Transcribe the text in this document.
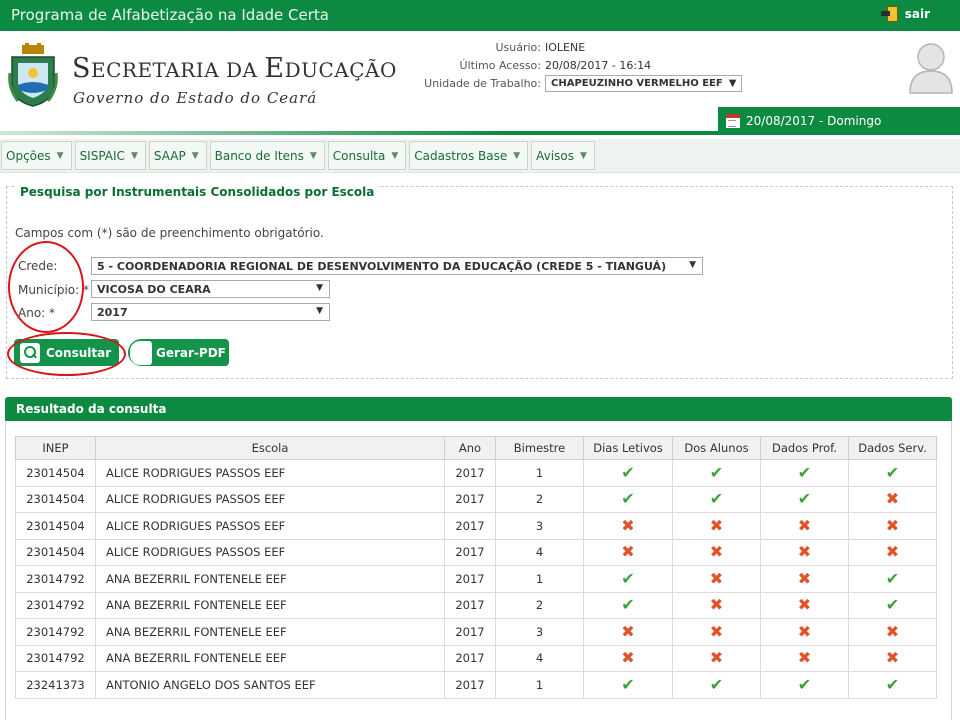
Programa de Alfabetização na Idade Certa	sair
SECRETARIA DA EDUCAÇÃO
Governo do Estado do Ceará
Usuário: IOLENE
Último Acesso: 20/08/2017 - 16:14
Unidade de Trabalho:	CHAPEUZINHO VERMELHO EEF ▼
20/08/2017 - Domingo
Opções ▼ SISPAIC ▼ SAAP ▼ Banco de Itens ▼ Consulta ▼ Cadastros Base ▼ Avisos ▼
Pesquisa por Instrumentais Consolidados por Escola
Campos com (*) são de preenchimento obrigatório.
Crede:	5 - COORDENADORIA REGIONAL DE DESENVOLVIMENTO DA EDUCAÇÃO (CREDE 5 - TIANGUÁ)	▼
Município: * VICOSA DO CEARA	▼
Ano: *	2017	▼
Consultar	Gerar-PDF
Resultado da consulta
INEP	Escola	Ano	Bimestre	Dias Letivos	Dos Alunos	Dados Prof.	Dados Serv.
23014504	ALICE RODRIGUES PASSOS EEF	2017	1	✔	✔	✔	✔
23014504	ALICE RODRIGUES PASSOS EEF	2017	2	✔	✔	✔	✖
23014504	ALICE RODRIGUES PASSOS EEF	2017	3	✖	✖	✖	✖
23014504	ALICE RODRIGUES PASSOS EEF	2017	4	✖	✖	✖	✖
23014792	ANA BEZERRIL FONTENELE EEF	2017	1	✔	✖	✖	✔
23014792	ANA BEZERRIL FONTENELE EEF	2017	2	✔	✖	✖	✔
23014792	ANA BEZERRIL FONTENELE EEF	2017	3	✖	✖	✖	✖
23014792	ANA BEZERRIL FONTENELE EEF	2017	4	✖	✖	✖	✖
23241373	ANTONIO ANGELO DOS SANTOS EEF	2017	1	✔	✔	✔	✔
